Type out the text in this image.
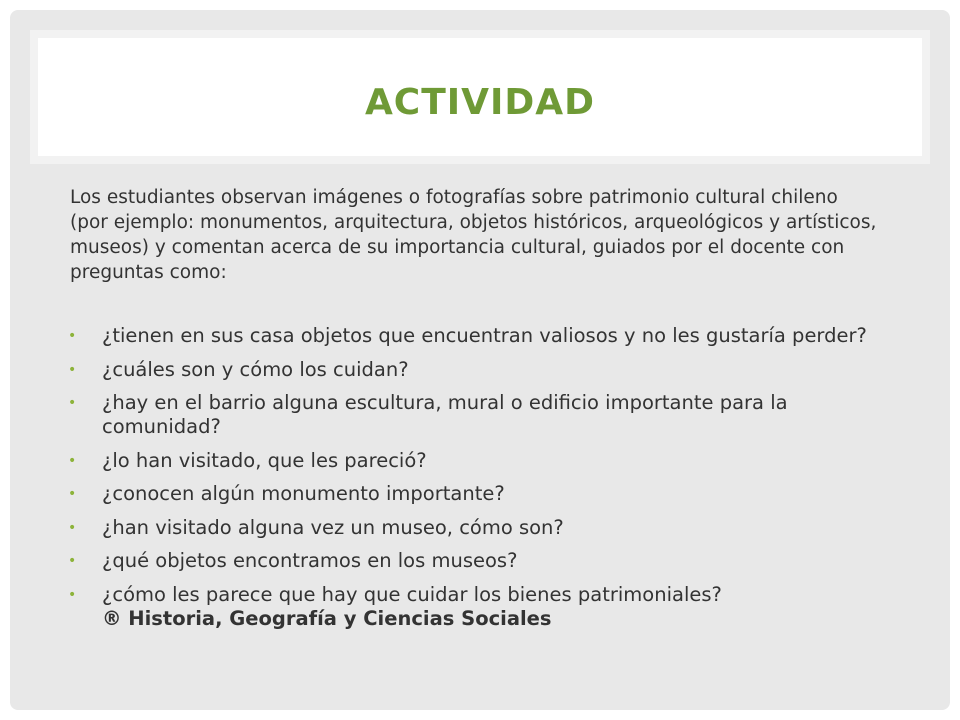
ACTIVIDAD

Los estudiantes observan imágenes o fotografías sobre patrimonio cultural chileno (por ejemplo: monumentos, arquitectura, objetos históricos, arqueológicos y artísticos, museos) y comentan acerca de su importancia cultural, guiados por el docente con preguntas como:

• ¿tienen en sus casa objetos que encuentran valiosos y no les gustaría perder?
• ¿cuáles son y cómo los cuidan?
• ¿hay en el barrio alguna escultura, mural o edificio importante para la comunidad?
• ¿lo han visitado, que les pareció?
• ¿conocen algún monumento importante?
• ¿han visitado alguna vez un museo, cómo son?
• ¿qué objetos encontramos en los museos?
• ¿cómo les parece que hay que cuidar los bienes patrimoniales?
® Historia, Geografía y Ciencias Sociales
